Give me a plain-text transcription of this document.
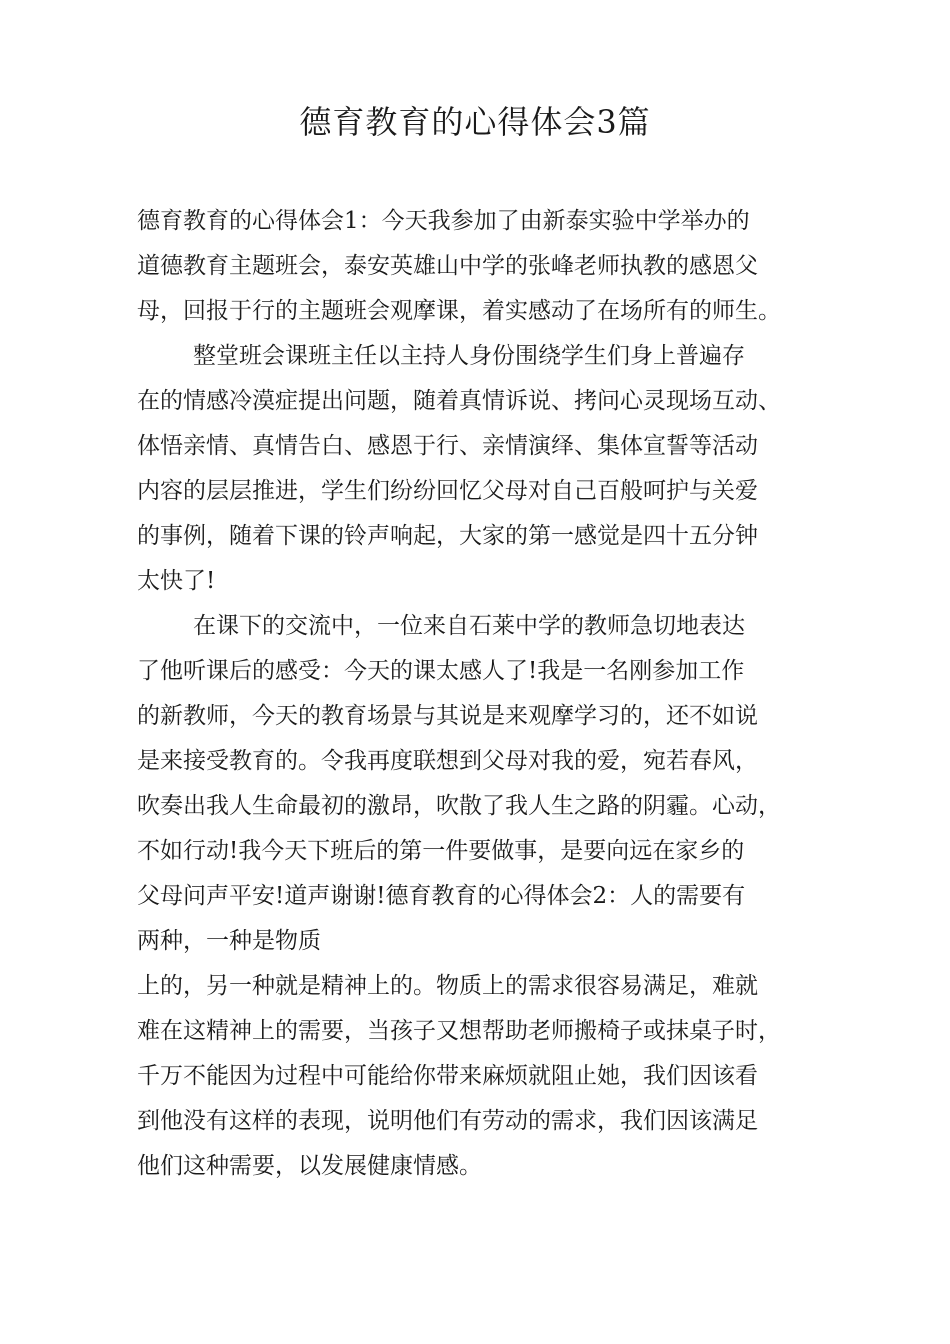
德育教育的心得体会3篇

德育教育的心得体会1：今天我参加了由新泰实验中学举办的

道德教育主题班会，泰安英雄山中学的张峰老师执教的感恩父

母，回报于行的主题班会观摩课，着实感动了在场所有的师生。

整堂班会课班主任以主持人身份围绕学生们身上普遍存

在的情感冷漠症提出问题，随着真情诉说、拷问心灵现场互动、

体悟亲情、真情告白、感恩于行、亲情演绎、集体宣誓等活动

内容的层层推进，学生们纷纷回忆父母对自己百般呵护与关爱

的事例，随着下课的铃声响起，大家的第一感觉是四十五分钟

太快了!

在课下的交流中，一位来自石莱中学的教师急切地表达

了他听课后的感受：今天的课太感人了!我是一名刚参加工作

的新教师，今天的教育场景与其说是来观摩学习的，还不如说

是来接受教育的。令我再度联想到父母对我的爱，宛若春风，

吹奏出我人生命最初的激昂，吹散了我人生之路的阴霾。心动，

不如行动!我今天下班后的第一件要做事，是要向远在家乡的

父母问声平安!道声谢谢!德育教育的心得体会2：人的需要有

两种，一种是物质

上的，另一种就是精神上的。物质上的需求很容易满足，难就

难在这精神上的需要，当孩子又想帮助老师搬椅子或抹桌子时，

千万不能因为过程中可能给你带来麻烦就阻止她，我们因该看

到他没有这样的表现，说明他们有劳动的需求，我们因该满足

他们这种需要，以发展健康情感。
